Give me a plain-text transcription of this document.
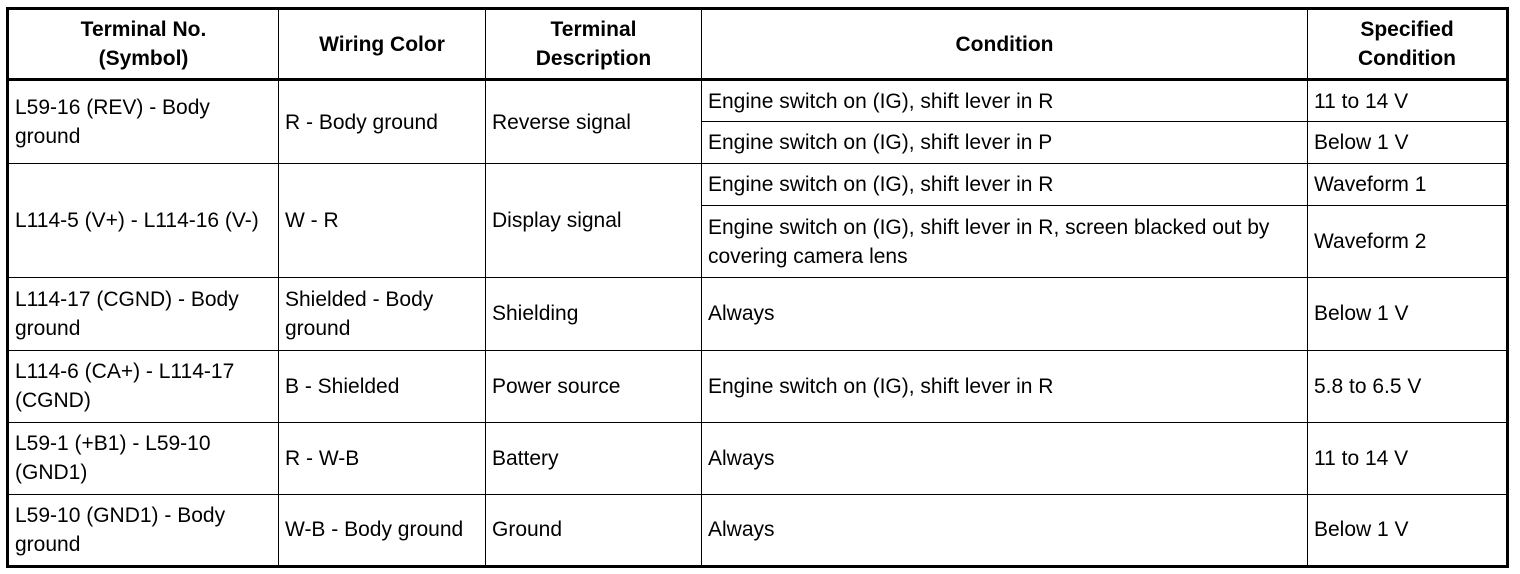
Terminal No. (Symbol)	Wiring Color	Terminal Description	Condition	Specified Condition
L59-16 (REV) - Body ground	R - Body ground	Reverse signal	Engine switch on (IG), shift lever in R	11 to 14 V
			Engine switch on (IG), shift lever in P	Below 1 V
L114-5 (V+) - L114-16 (V-)	W - R	Display signal	Engine switch on (IG), shift lever in R	Waveform 1
			Engine switch on (IG), shift lever in R, screen blacked out by covering camera lens	Waveform 2
L114-17 (CGND) - Body ground	Shielded - Body ground	Shielding	Always	Below 1 V
L114-6 (CA+) - L114-17 (CGND)	B - Shielded	Power source	Engine switch on (IG), shift lever in R	5.8 to 6.5 V
L59-1 (+B1) - L59-10 (GND1)	R - W-B	Battery	Always	11 to 14 V
L59-10 (GND1) - Body ground	W-B - Body ground	Ground	Always	Below 1 V
